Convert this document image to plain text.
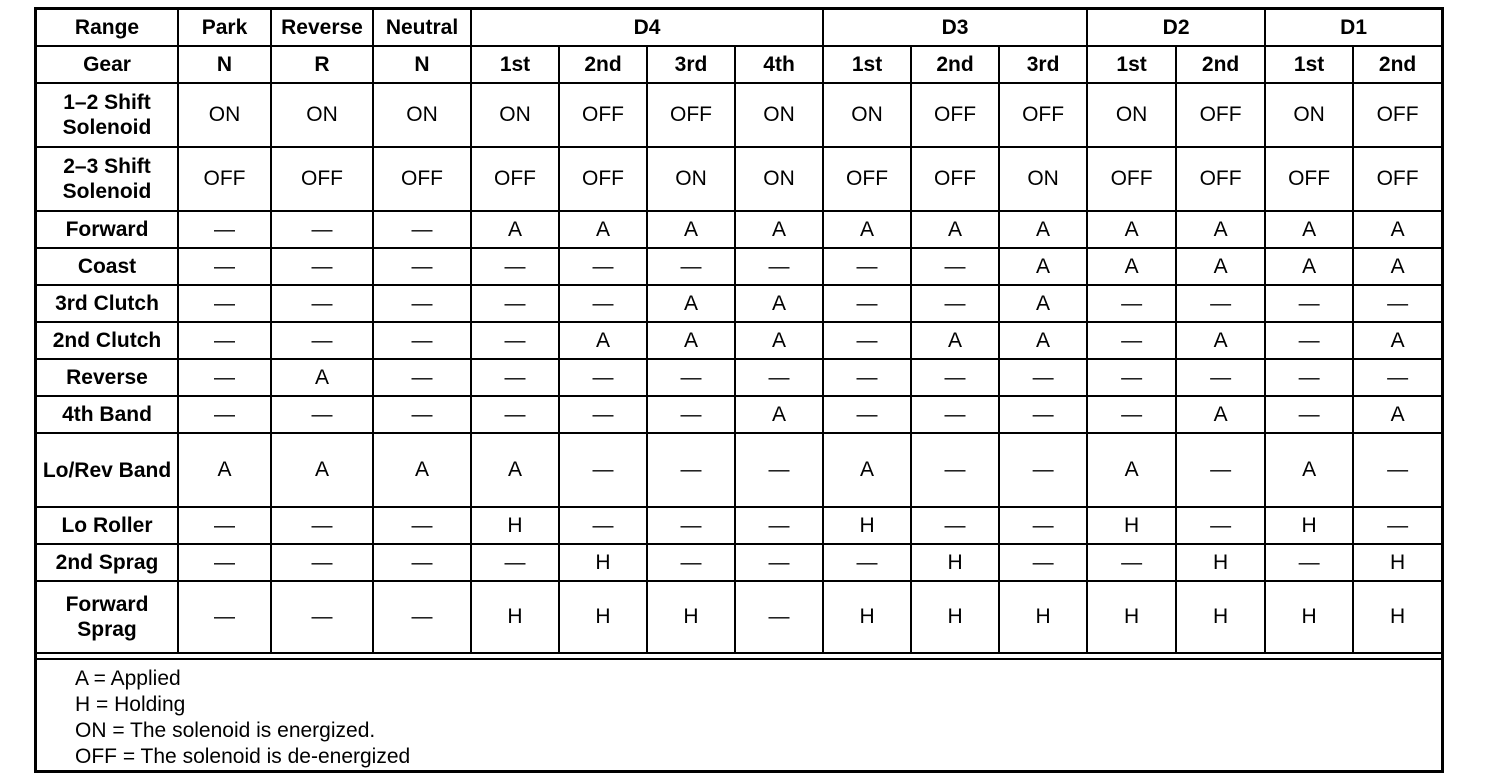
Range	Park	Reverse	Neutral	D4				D3			D2		D1	
Gear	N	R	N	1st	2nd	3rd	4th	1st	2nd	3rd	1st	2nd	1st	2nd
1–2 Shift Solenoid	ON	ON	ON	ON	OFF	OFF	ON	ON	OFF	OFF	ON	OFF	ON	OFF
2–3 Shift Solenoid	OFF	OFF	OFF	OFF	OFF	ON	ON	OFF	OFF	ON	OFF	OFF	OFF	OFF
Forward	—	—	—	A	A	A	A	A	A	A	A	A	A	A
Coast	—	—	—	—	—	—	—	—	—	A	A	A	A	A
3rd Clutch	—	—	—	—	—	A	A	—	—	A	—	—	—	—
2nd Clutch	—	—	—	—	A	A	A	—	A	A	—	A	—	A
Reverse	—	A	—	—	—	—	—	—	—	—	—	—	—	—
4th Band	—	—	—	—	—	—	A	—	—	—	—	A	—	A
Lo/Rev Band	A	A	A	A	—	—	—	A	—	—	A	—	A	—
Lo Roller	—	—	—	H	—	—	—	H	—	—	H	—	H	—
2nd Sprag	—	—	—	—	H	—	—	—	H	—	—	H	—	H
Forward Sprag	—	—	—	H	H	H	—	H	H	H	H	H	H	H
A = Applied
H = Holding
ON = The solenoid is energized.
OFF = The solenoid is de-energized
